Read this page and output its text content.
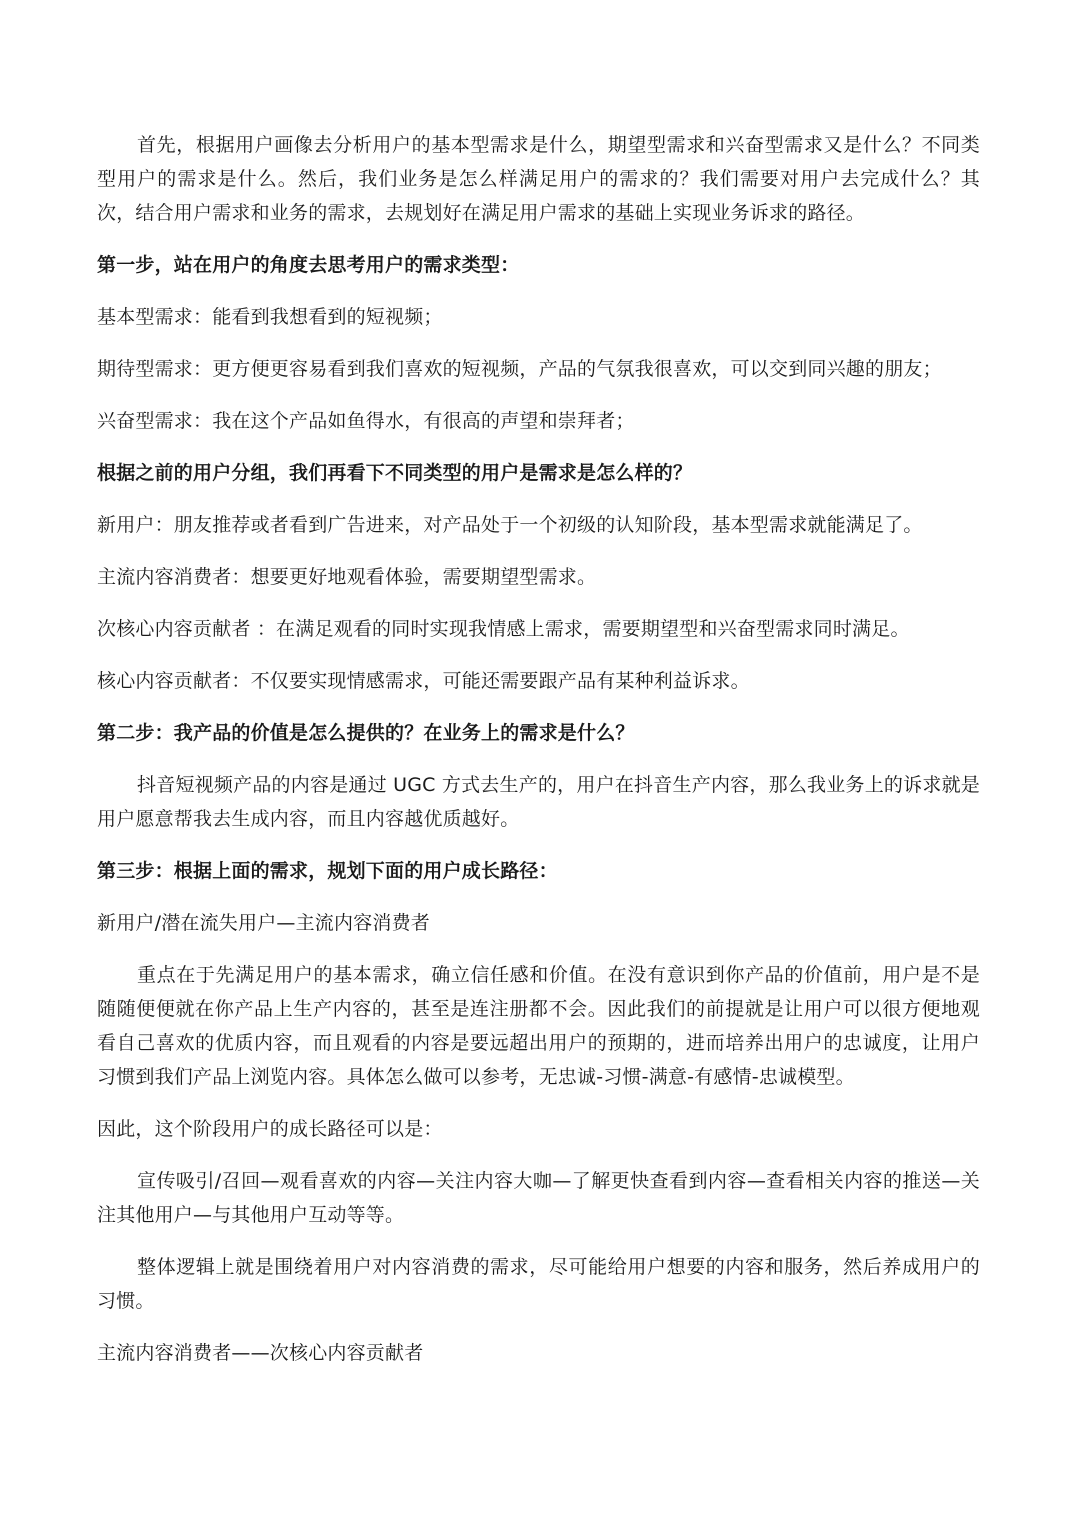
首先，根据用户画像去分析用户的基本型需求是什么，期望型需求和兴奋型需求又是什么？不同类型用户的需求是什么。然后，我们业务是怎么样满足用户的需求的？我们需要对用户去完成什么？其次，结合用户需求和业务的需求，去规划好在满足用户需求的基础上实现业务诉求的路径。

第一步，站在用户的角度去思考用户的需求类型：

基本型需求：能看到我想看到的短视频；

期待型需求：更方便更容易看到我们喜欢的短视频，产品的气氛我很喜欢，可以交到同兴趣的朋友；

兴奋型需求：我在这个产品如鱼得水，有很高的声望和崇拜者；

根据之前的用户分组，我们再看下不同类型的用户是需求是怎么样的？

新用户：朋友推荐或者看到广告进来，对产品处于一个初级的认知阶段，基本型需求就能满足了。

主流内容消费者：想要更好地观看体验，需要期望型需求。

次核心内容贡献者 ：在满足观看的同时实现我情感上需求，需要期望型和兴奋型需求同时满足。

核心内容贡献者：不仅要实现情感需求，可能还需要跟产品有某种利益诉求。

第二步：我产品的价值是怎么提供的？在业务上的需求是什么？

抖音短视频产品的内容是通过 UGC 方式去生产的，用户在抖音生产内容，那么我业务上的诉求就是用户愿意帮我去生成内容，而且内容越优质越好。

第三步：根据上面的需求，规划下面的用户成长路径：

新用户/潜在流失用户—主流内容消费者

重点在于先满足用户的基本需求，确立信任感和价值。在没有意识到你产品的价值前，用户是不是随随便便就在你产品上生产内容的，甚至是连注册都不会。因此我们的前提就是让用户可以很方便地观看自己喜欢的优质内容，而且观看的内容是要远超出用户的预期的，进而培养出用户的忠诚度，让用户习惯到我们产品上浏览内容。具体怎么做可以参考，无忠诚-习惯-满意-有感情-忠诚模型。

因此，这个阶段用户的成长路径可以是：

宣传吸引/召回—观看喜欢的内容—关注内容大咖—了解更快查看到内容—查看相关内容的推送—关注其他用户—与其他用户互动等等。

整体逻辑上就是围绕着用户对内容消费的需求，尽可能给用户想要的内容和服务，然后养成用户的习惯。

主流内容消费者——次核心内容贡献者
